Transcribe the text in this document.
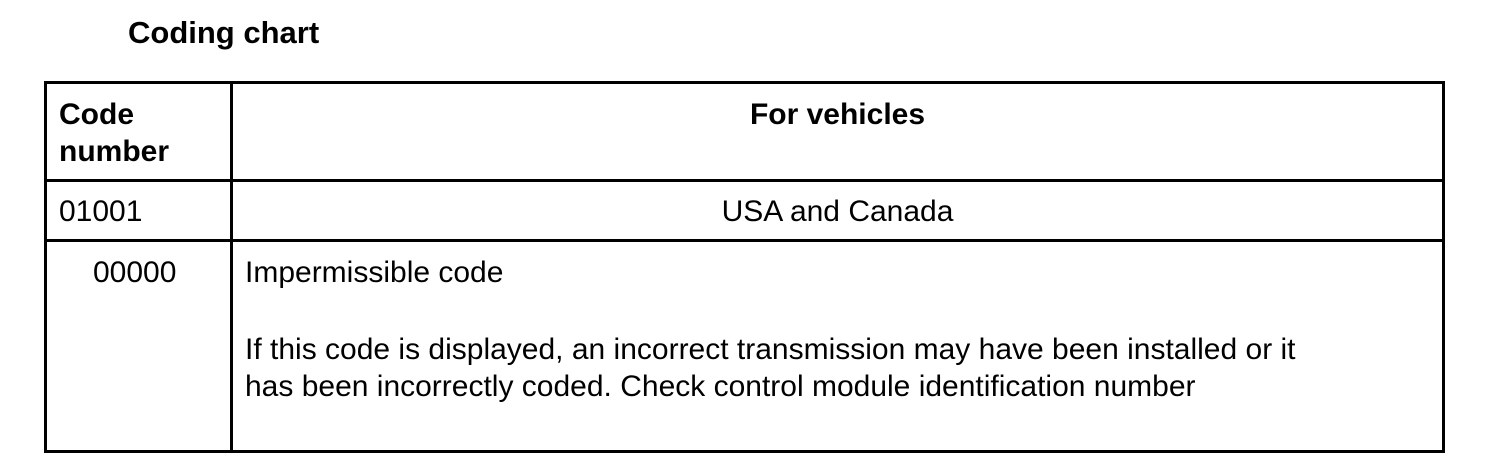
Coding chart
Code
number	For vehicles
01001	USA and Canada
00000	Impermissible code
If this code is displayed, an incorrect transmission may have been installed or it
has been incorrectly coded. Check control module identification number
